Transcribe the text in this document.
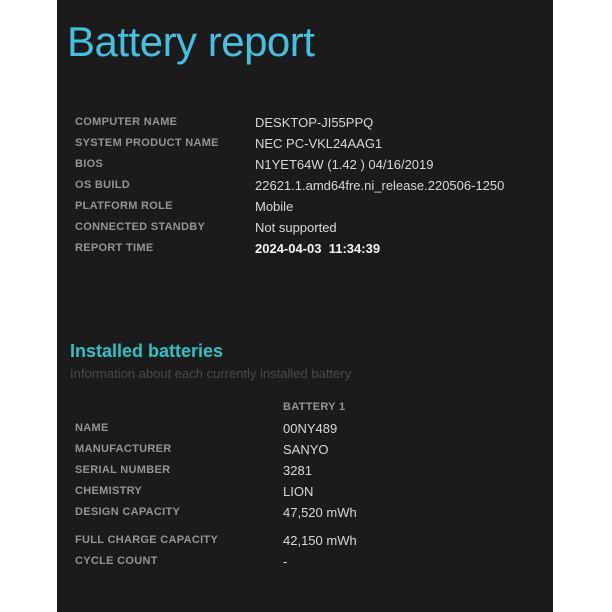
Battery report
COMPUTER NAME	DESKTOP-JI55PPQ
SYSTEM PRODUCT NAME	NEC PC-VKL24AAG1
BIOS	N1YET64W (1.42 ) 04/16/2019
OS BUILD	22621.1.amd64fre.ni_release.220506-1250
PLATFORM ROLE	Mobile
CONNECTED STANDBY	Not supported
REPORT TIME	2024-04-03  11:34:39
Installed batteries
Information about each currently installed battery
BATTERY 1
NAME	00NY489
MANUFACTURER	SANYO
SERIAL NUMBER	3281
CHEMISTRY	LION
DESIGN CAPACITY	47,520 mWh
FULL CHARGE CAPACITY	42,150 mWh
CYCLE COUNT	-
